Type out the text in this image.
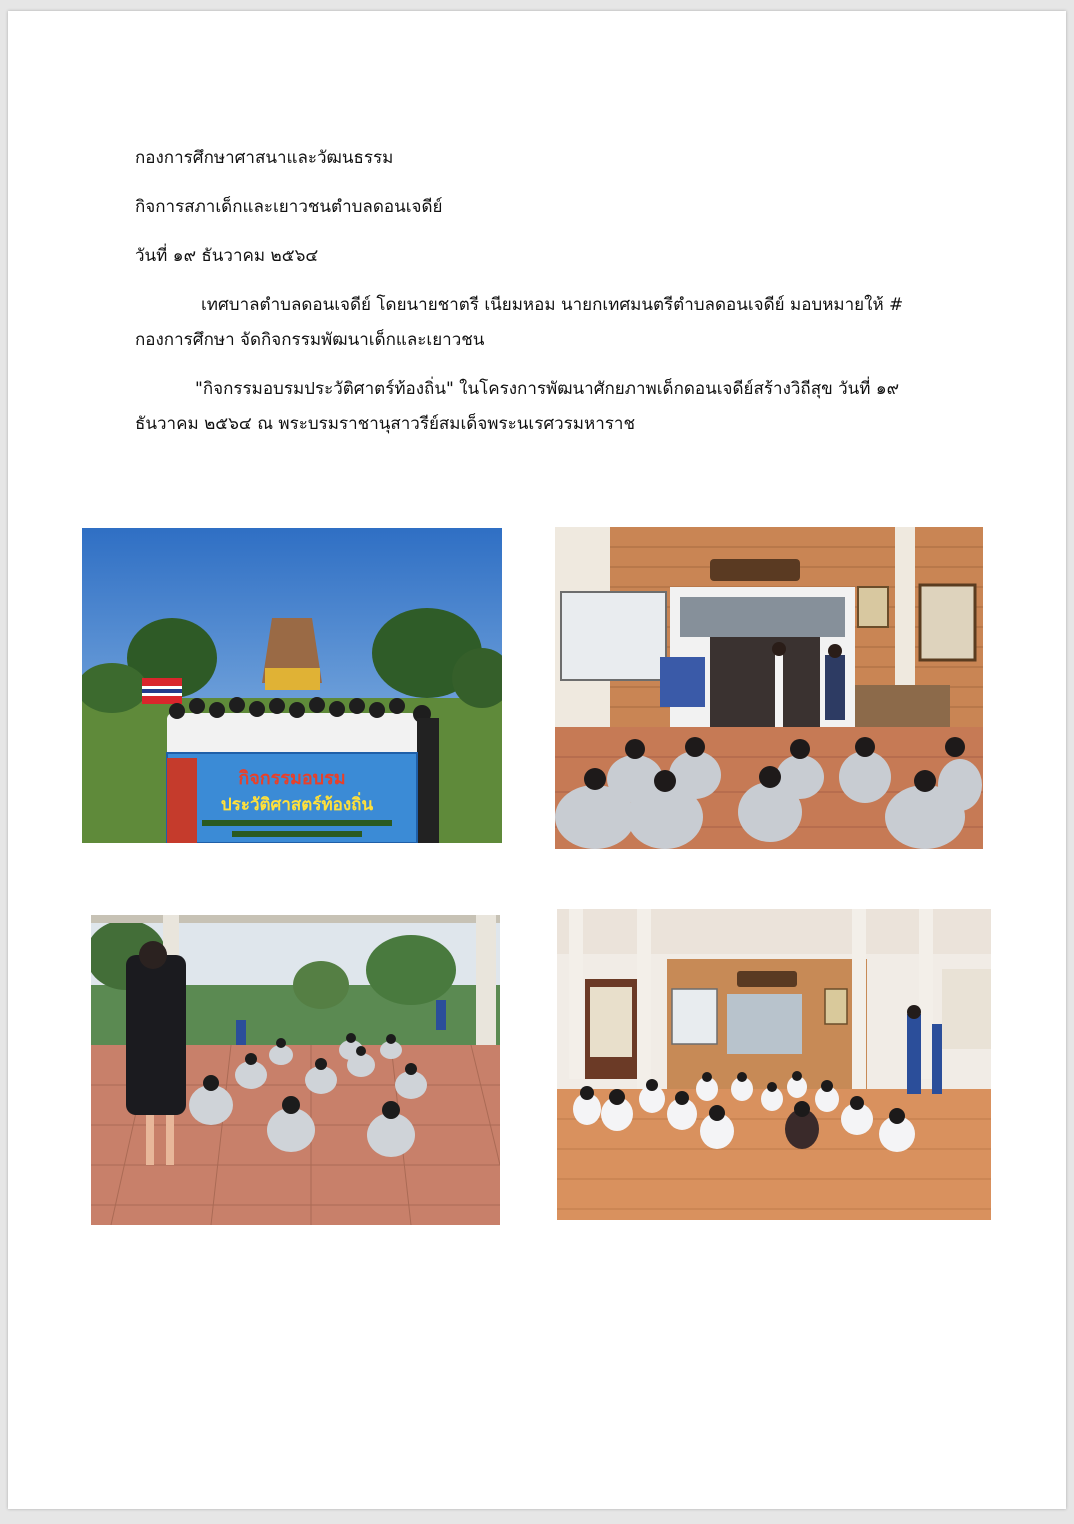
กองการศึกษาศาสนาและวัฒนธรรม
กิจการสภาเด็กและเยาวชนตำบลดอนเจดีย์
วันที่ ๑๙ ธันวาคม ๒๕๖๔
เทศบาลตำบลดอนเจดีย์ โดยนายชาตรี เนียมหอม นายกเทศมนตรีตำบลดอนเจดีย์ มอบหมายให้ #
กองการศึกษา จัดกิจกรรมพัฒนาเด็กและเยาวชน
"กิจกรรมอบรมประวัติศาตร์ท้องถิ่น" ในโครงการพัฒนาศักยภาพเด็กดอนเจดีย์สร้างวิถีสุข วันที่ ๑๙
ธันวาคม ๒๕๖๔ ณ พระบรมราชานุสาวรีย์สมเด็จพระนเรศวรมหาราช
กิจกรรมอบรม
ประวัติศาสตร์ท้องถิ่น
